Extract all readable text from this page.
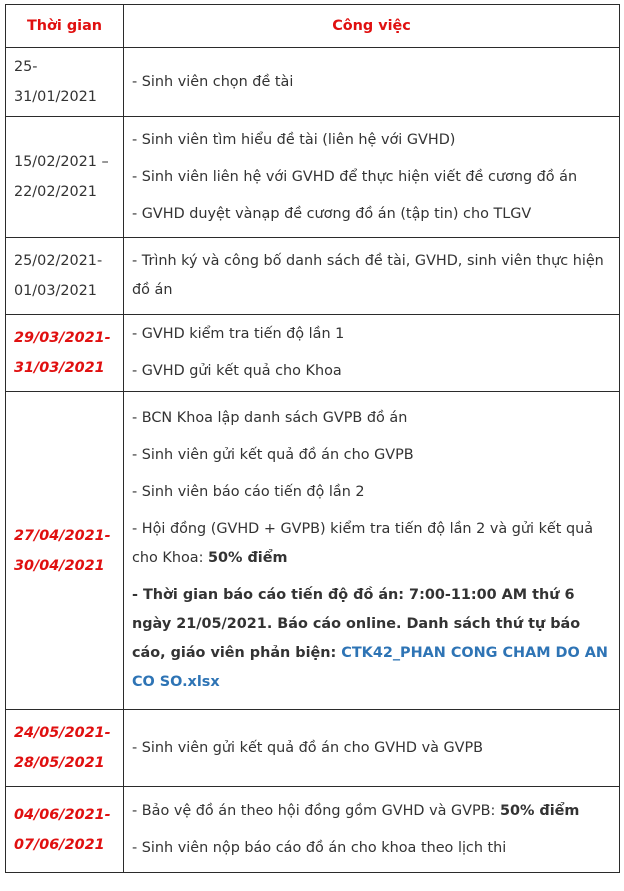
Thời gian	Công việc
25-31/01/2021	- Sinh viên chọn đề tài

15/02/2021 – 22/02/2021	- Sinh viên tìm hiểu đề tài (liên hệ với GVHD)

- Sinh viên liên hệ với GVHD để thực hiện viết đề cương đồ án

- GVHD duyệt vànạp đề cương đồ án (tập tin) cho TLGV

25/02/2021-01/03/2021	- Trình ký và công bố danh sách đề tài, GVHD, sinh viên thực hiện đồ án

29/03/2021-31/03/2021	- GVHD kiểm tra tiến độ lần 1

- GVHD gửi kết quả cho Khoa

27/04/2021-30/04/2021	- BCN Khoa lập danh sách GVPB đồ án

- Sinh viên gửi kết quả đồ án cho GVPB

- Sinh viên báo cáo tiến độ lần 2

- Hội đồng (GVHD + GVPB) kiểm tra tiến độ lần 2 và gửi kết quả cho Khoa: 50% điểm

- Thời gian báo cáo tiến độ đồ án: 7:00-11:00 AM thứ 6 ngày 21/05/2021. Báo cáo online. Danh sách thứ tự báo cáo, giáo viên phản biện: CTK42_PHAN CONG CHAM DO AN CO SO.xlsx

24/05/2021-28/05/2021	- Sinh viên gửi kết quả đồ án cho GVHD và GVPB

04/06/2021-07/06/2021	- Bảo vệ đồ án theo hội đồng gồm GVHD và GVPB: 50% điểm

- Sinh viên nộp báo cáo đồ án cho khoa theo lịch thi
